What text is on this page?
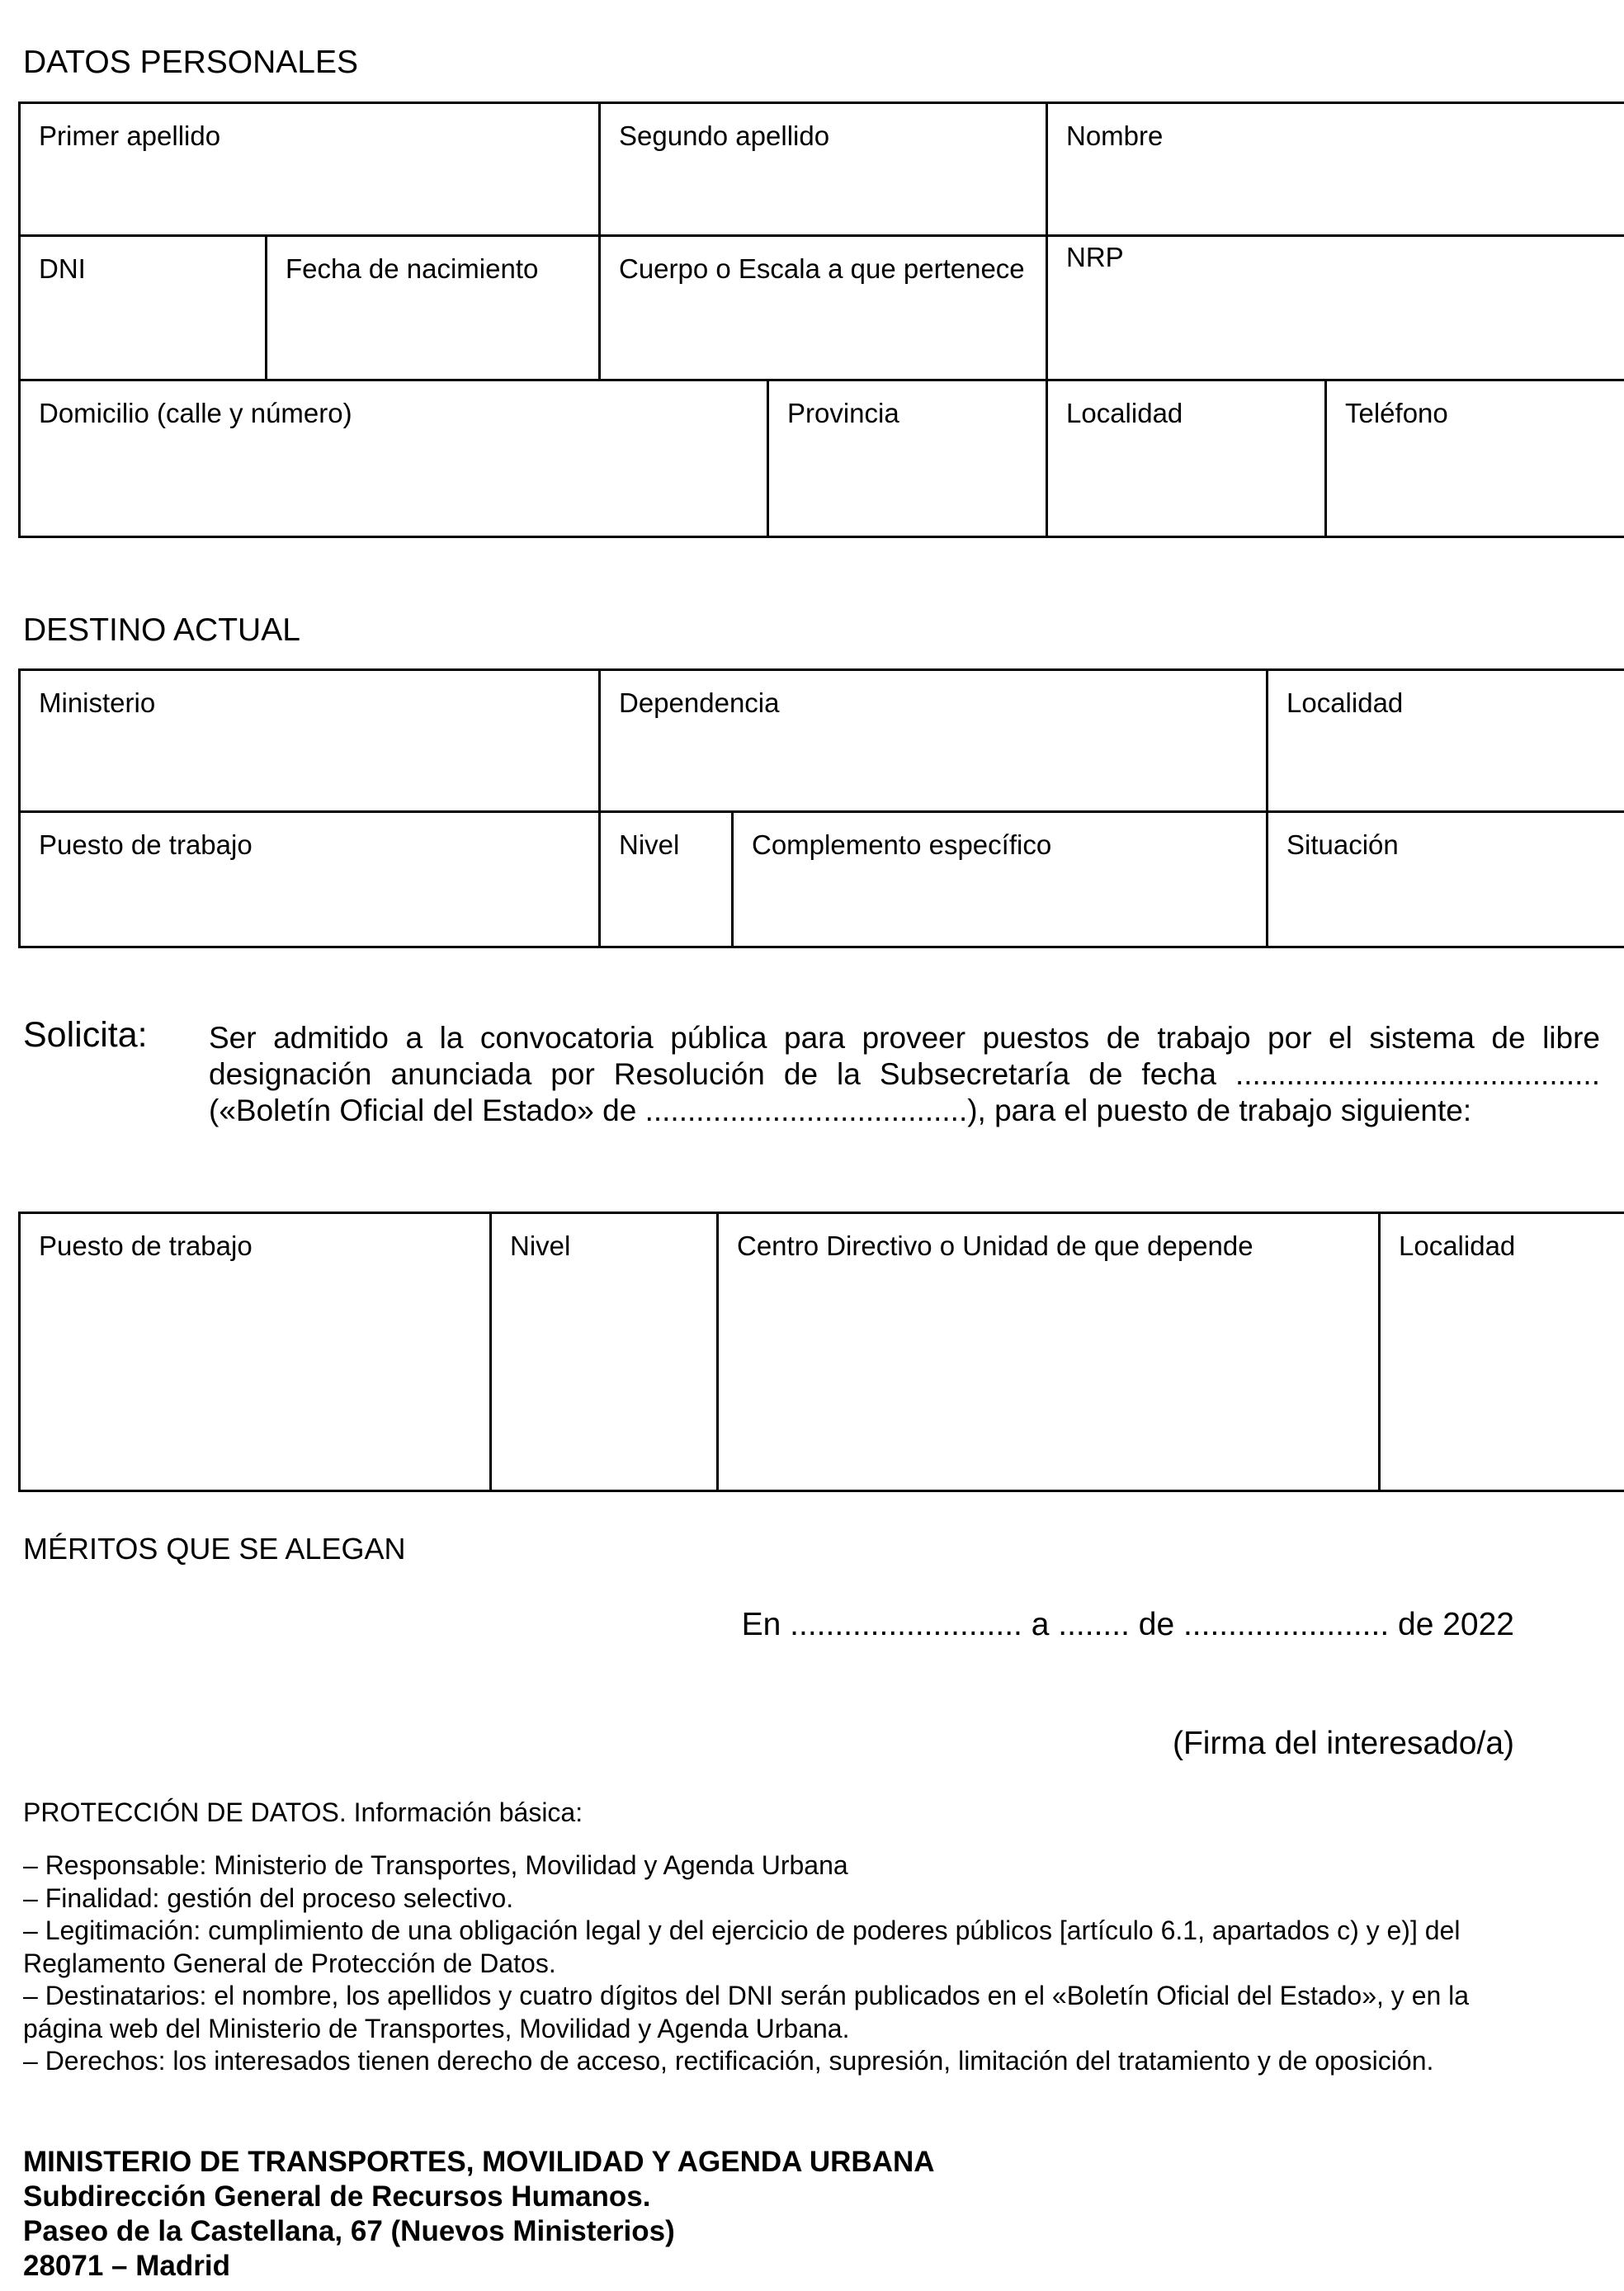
DATOS PERSONALES
Primer apellido		Segundo apellido		Nombre	

DNI	Fecha de nacimiento	Cuerpo o Escala a que pertenece		NRP	

Domicilio (calle y número)			Provincia	Localidad	Teléfono
DESTINO ACTUAL
Ministerio	Dependencia		Localidad

Puesto de trabajo	Nivel	Complemento específico	Situación
Solicita: Ser admitido a la convocatoria pública para proveer puestos de trabajo por el sistema de libre designación anunciada por Resolución de la Subsecretaría de fecha ........................................... («Boletín Oficial del Estado» de ......................................), para el puesto de trabajo siguiente:
Puesto de trabajo	Nivel	Centro Directivo o Unidad de que depende	Localidad
MÉRITOS QUE SE ALEGAN
En .......................... a ........ de ....................... de 2022
(Firma del interesado/a)
PROTECCIÓN DE DATOS. Información básica:
– Responsable: Ministerio de Transportes, Movilidad y Agenda Urbana
– Finalidad: gestión del proceso selectivo.
– Legitimación: cumplimiento de una obligación legal y del ejercicio de poderes públicos [artículo 6.1, apartados c) y e)] del Reglamento General de Protección de Datos.
– Destinatarios: el nombre, los apellidos y cuatro dígitos del DNI serán publicados en el «Boletín Oficial del Estado», y en la página web del Ministerio de Transportes, Movilidad y Agenda Urbana.
– Derechos: los interesados tienen derecho de acceso, rectificación, supresión, limitación del tratamiento y de oposición.
MINISTERIO DE TRANSPORTES, MOVILIDAD Y AGENDA URBANA
Subdirección General de Recursos Humanos.
Paseo de la Castellana, 67 (Nuevos Ministerios)
28071 – Madrid
